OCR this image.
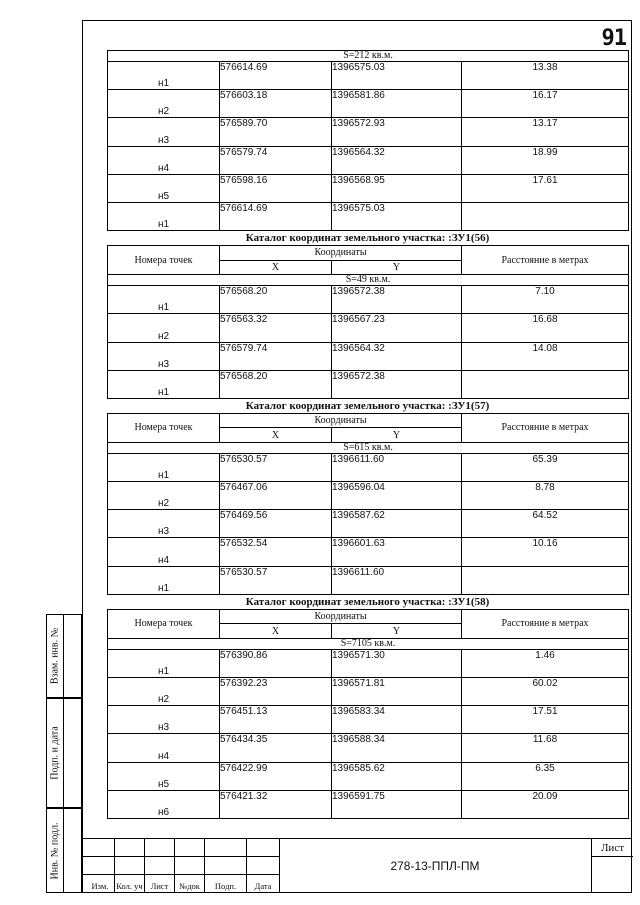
91
S=212 кв.м.			
н1	576614.69	1396575.03	13.38
н2	576603.18	1396581.86	16.17
н3	576589.70	1396572.93	13.17
н4	576579.74	1396564.32	18.99
н5	576598.16	1396568.95	17.61
н1	576614.69	1396575.03	
Каталог координат земельного участка: :ЗУ1(56)
Номера точек	Координаты		Расстояние в метрах
	X	Y	
S=49 кв.м.			
н1	576568.20	1396572.38	7.10
н2	576563.32	1396567.23	16.68
н3	576579.74	1396564.32	14.08
н1	576568.20	1396572.38	
Каталог координат земельного участка: :ЗУ1(57)
Номера точек	Координаты		Расстояние в метрах
	X	Y	
S=615 кв.м.			
н1	576530.57	1396611.60	65.39
н2	576467.06	1396596.04	8.78
н3	576469.56	1396587.62	64.52
н4	576532.54	1396601.63	10.16
н1	576530.57	1396611.60	
Каталог координат земельного участка: :ЗУ1(58)
Номера точек	Координаты		Расстояние в метрах
	X	Y	
S=7105 кв.м.			
н1	576390.86	1396571.30	1.46
н2	576392.23	1396571.81	60.02
н3	576451.13	1396583.34	17.51
н4	576434.35	1396588.34	11.68
н5	576422.99	1396585.62	6.35
н6	576421.32	1396591.75	20.09
Взам. инв. №
Подп. и дата
Инв. № подл.
Изм. Кол. уч Лист	№док	Подп.	Дата
278-13-ППЛ-ПМ
Лист
